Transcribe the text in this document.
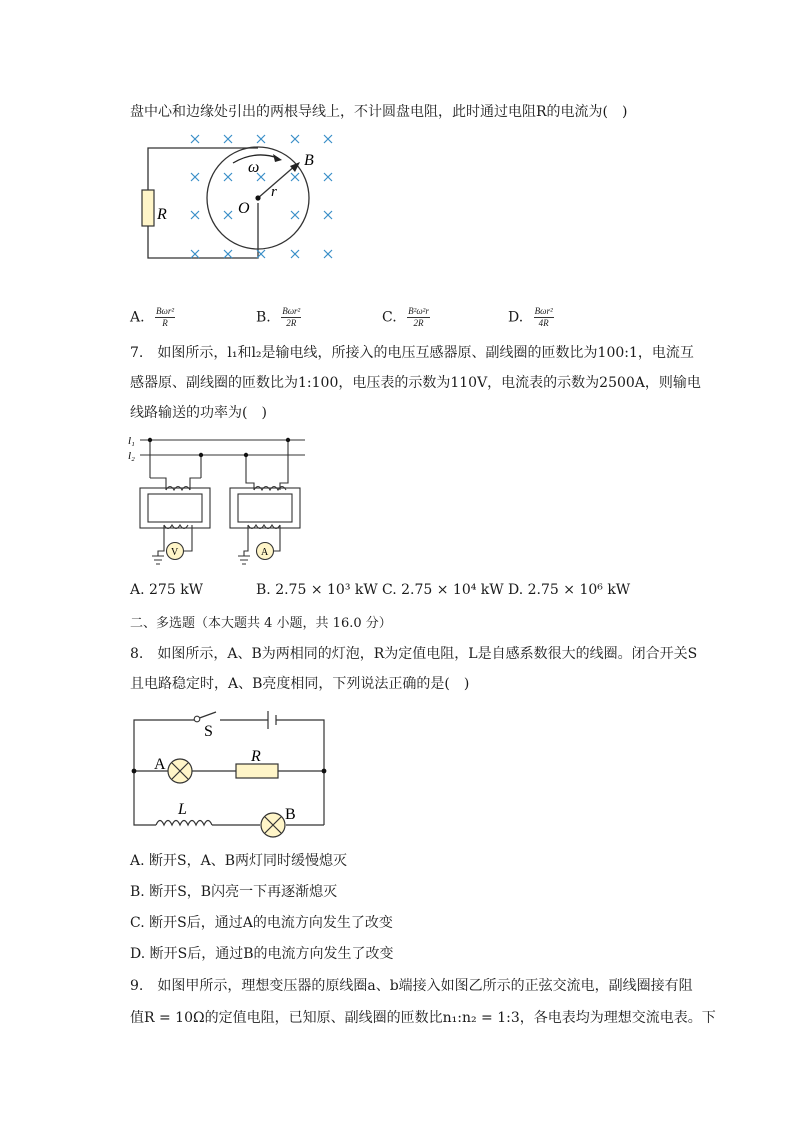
盘中心和边缘处引出的两根导线上，不计圆盘电阻，此时通过电阻R的电流为(　)
R	O
r
B
ω
A. $\frac{\text{Bωr²}}{R}$	B. $\frac{\text{Bωr²}}{2R}$	C. $\frac{\text{B²ω²r}}{2R}$	D. $\frac{\text{Bωr²}}{4R}$
7.　如图所示，l₁和l₂是输电线，所接入的电压互感器原、副线圈的匝数比为100:1，电流互
感器原、副线圈的匝数比为1:100，电压表的示数为110V，电流表的示数为2500A，则输电
线路输送的功率为(　)
V	A
l₁
l₂
A. 275 kW	B. 2.75 × 10³ kW C. 2.75 × 10⁴ kW D. 2.75 × 10⁶ kW
二、多选题（本大题共 4 小题，共 16.0 分）
8.　如图所示，A、B为两相同的灯泡，R为定值电阻，L是自感系数很大的线圈。闭合开关S
且电路稳定时，A、B亮度相同，下列说法正确的是(　)
S
A	R
L	B
A. 断开S，A、B两灯同时缓慢熄灭
B. 断开S，B闪亮一下再逐渐熄灭
C. 断开S后，通过A的电流方向发生了改变
D. 断开S后，通过B的电流方向发生了改变
9.　如图甲所示，理想变压器的原线圈a、b端接入如图乙所示的正弦交流电，副线圈接有阻
值R = 10Ω的定值电阻，已知原、副线圈的匝数比n₁:n₂ = 1:3，各电表均为理想交流电表。下
